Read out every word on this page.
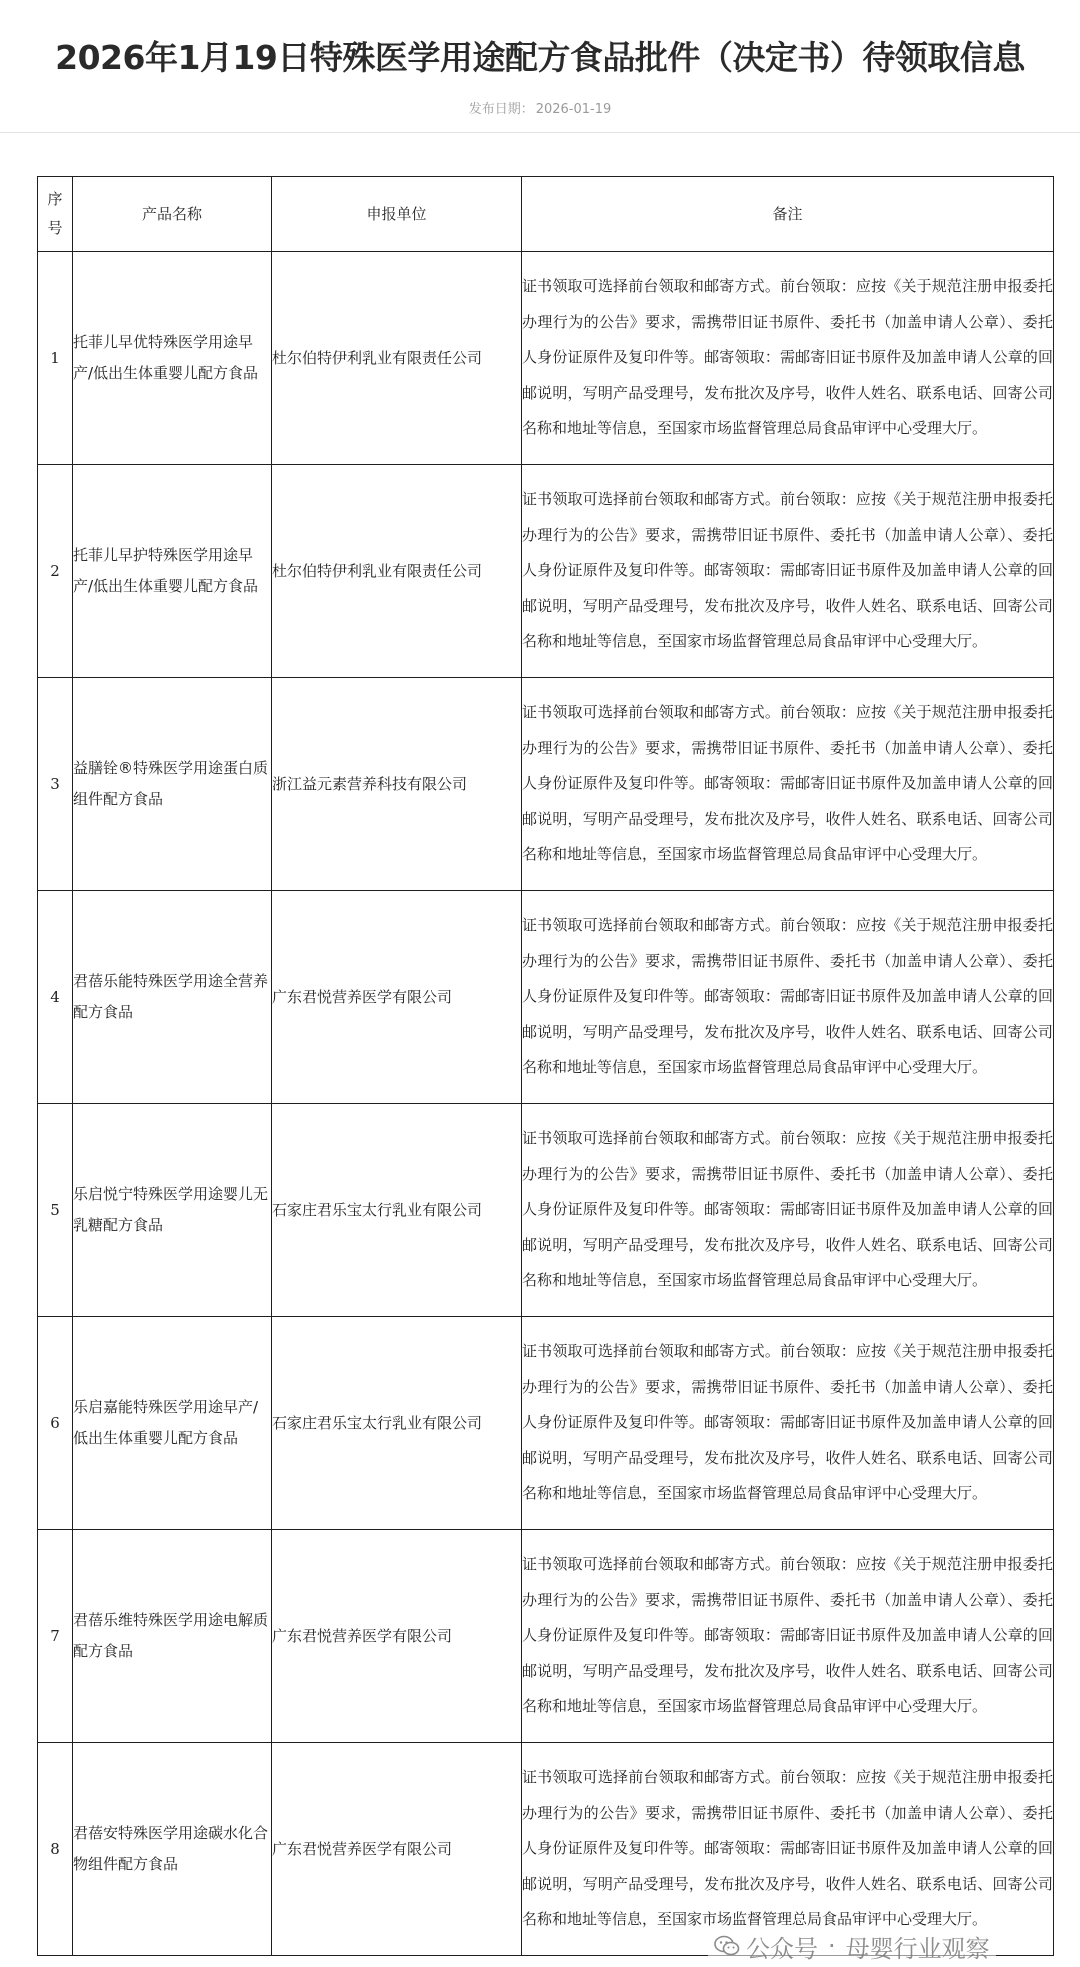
2026年1月19日特殊医学用途配方食品批件（决定书）待领取信息
发布日期： 2026-01-19
序号	产品名称	申报单位	备注
1	托菲儿早优特殊医学用途早产/低出生体重婴儿配方食品	杜尔伯特伊利乳业有限责任公司	证书领取可选择前台领取和邮寄方式。前台领取：应按《关于规范注册申报委托办理行为的公告》要求，需携带旧证书原件、委托书（加盖申请人公章）、委托人身份证原件及复印件等。邮寄领取：需邮寄旧证书原件及加盖申请人公章的回邮说明，写明产品受理号，发布批次及序号，收件人姓名、联系电话、回寄公司名称和地址等信息，至国家市场监督管理总局食品审评中心受理大厅。
2	托菲儿早护特殊医学用途早产/低出生体重婴儿配方食品	杜尔伯特伊利乳业有限责任公司	证书领取可选择前台领取和邮寄方式。前台领取：应按《关于规范注册申报委托办理行为的公告》要求，需携带旧证书原件、委托书（加盖申请人公章）、委托人身份证原件及复印件等。邮寄领取：需邮寄旧证书原件及加盖申请人公章的回邮说明，写明产品受理号，发布批次及序号，收件人姓名、联系电话、回寄公司名称和地址等信息，至国家市场监督管理总局食品审评中心受理大厅。
3	益膳铨®特殊医学用途蛋白质组件配方食品	浙江益元素营养科技有限公司	证书领取可选择前台领取和邮寄方式。前台领取：应按《关于规范注册申报委托办理行为的公告》要求，需携带旧证书原件、委托书（加盖申请人公章）、委托人身份证原件及复印件等。邮寄领取：需邮寄旧证书原件及加盖申请人公章的回邮说明，写明产品受理号，发布批次及序号，收件人姓名、联系电话、回寄公司名称和地址等信息，至国家市场监督管理总局食品审评中心受理大厅。
4	君蓓乐能特殊医学用途全营养配方食品	广东君悦营养医学有限公司	证书领取可选择前台领取和邮寄方式。前台领取：应按《关于规范注册申报委托办理行为的公告》要求，需携带旧证书原件、委托书（加盖申请人公章）、委托人身份证原件及复印件等。邮寄领取：需邮寄旧证书原件及加盖申请人公章的回邮说明，写明产品受理号，发布批次及序号，收件人姓名、联系电话、回寄公司名称和地址等信息，至国家市场监督管理总局食品审评中心受理大厅。
5	乐启悦宁特殊医学用途婴儿无乳糖配方食品	石家庄君乐宝太行乳业有限公司	证书领取可选择前台领取和邮寄方式。前台领取：应按《关于规范注册申报委托办理行为的公告》要求，需携带旧证书原件、委托书（加盖申请人公章）、委托人身份证原件及复印件等。邮寄领取：需邮寄旧证书原件及加盖申请人公章的回邮说明，写明产品受理号，发布批次及序号，收件人姓名、联系电话、回寄公司名称和地址等信息，至国家市场监督管理总局食品审评中心受理大厅。
6	乐启嘉能特殊医学用途早产/低出生体重婴儿配方食品	石家庄君乐宝太行乳业有限公司	证书领取可选择前台领取和邮寄方式。前台领取：应按《关于规范注册申报委托办理行为的公告》要求，需携带旧证书原件、委托书（加盖申请人公章）、委托人身份证原件及复印件等。邮寄领取：需邮寄旧证书原件及加盖申请人公章的回邮说明，写明产品受理号，发布批次及序号，收件人姓名、联系电话、回寄公司名称和地址等信息，至国家市场监督管理总局食品审评中心受理大厅。
7	君蓓乐维特殊医学用途电解质配方食品	广东君悦营养医学有限公司	证书领取可选择前台领取和邮寄方式。前台领取：应按《关于规范注册申报委托办理行为的公告》要求，需携带旧证书原件、委托书（加盖申请人公章）、委托人身份证原件及复印件等。邮寄领取：需邮寄旧证书原件及加盖申请人公章的回邮说明，写明产品受理号，发布批次及序号，收件人姓名、联系电话、回寄公司名称和地址等信息，至国家市场监督管理总局食品审评中心受理大厅。
8	君蓓安特殊医学用途碳水化合物组件配方食品	广东君悦营养医学有限公司	证书领取可选择前台领取和邮寄方式。前台领取：应按《关于规范注册申报委托办理行为的公告》要求，需携带旧证书原件、委托书（加盖申请人公章）、委托人身份证原件及复印件等。邮寄领取：需邮寄旧证书原件及加盖申请人公章的回邮说明，写明产品受理号，发布批次及序号，收件人姓名、联系电话、回寄公司名称和地址等信息，至国家市场监督管理总局食品审评中心受理大厅。
公众号 · 母婴行业观察
